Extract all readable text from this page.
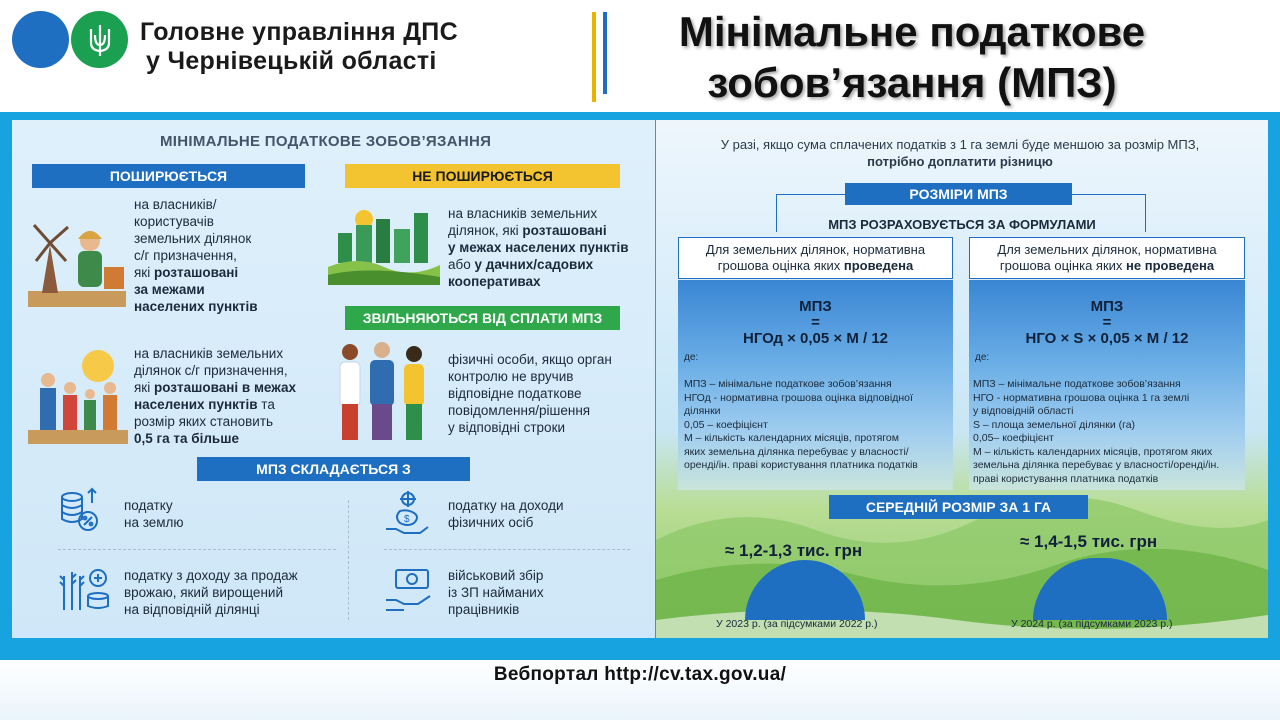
Головне управління ДПС
у Чернівецькій області
Мінімальне податкове
зобов’язання (МПЗ)
МІНІМАЛЬНЕ ПОДАТКОВЕ ЗОБОВ’ЯЗАННЯ
ПОШИРЮЄТЬСЯ	НЕ ПОШИРЮЄТЬСЯ
на власників/
користувачів
земельних ділянок
с/г призначення,
які розташовані
за межами
населених пунктів
на власників земельних
ділянок, які розташовані
у межах населених пунктів
або у дачних/садових
кооперативах
ЗВІЛЬНЯЮТЬСЯ ВІД СПЛАТИ МПЗ
на власників земельних
ділянок с/г призначення,
які розташовані в межах
населених пунктів та
розмір яких становить
0,5 га та більше
фізичні особи, якщо орган
контролю не вручив
відповідне податкове
повідомлення/рішення
у відповідні строки
МПЗ СКЛАДАЄТЬСЯ З
податку
на землю	$
податку на доходи
фізичних осіб
податку з доходу за продаж
врожаю, який вирощений
на відповідній ділянці
військовий збір
із ЗП найманих
працівників
У разі, якщо сума сплачених податків з 1 га землі буде меншою за розмір МПЗ,
потрібно доплатити різницю
РОЗМІРИ МПЗ
МПЗ РОЗРАХОВУЄТЬСЯ ЗА ФОРМУЛАМИ
Для земельних ділянок, нормативна
грошова оцінка яких проведена
МПЗ
=
НГОд × 0,05 × М / 12
де:
МПЗ – мінімальне податкове зобов’язання
НГОд - нормативна грошова оцінка відповідної
ділянки
0,05 – коефіцієнт
М – кількість календарних місяців, протягом
яких земельна ділянка перебуває у власності/
оренді/ін. праві користування платника податків
Для земельних ділянок, нормативна
грошова оцінка яких не проведена
МПЗ
=
НГО × S × 0,05 × М / 12
де:
МПЗ – мінімальне податкове зобов’язання
НГО - нормативна грошова оцінка 1 га землі
у відповідній області
S – площа земельної ділянки (га)
0,05– коефіцієнт
М – кількість календарних місяців, протягом яких
земельна ділянка перебуває у власності/оренді/ін.
праві користування платника податків
СЕРЕДНІЙ РОЗМІР ЗА 1 ГА
≈ 1,2-1,3 тис. грн
У 2023 р. (за підсумками 2022 р.)
≈ 1,4-1,5 тис. грн
У 2024 р. (за підсумками 2023 р.)
Вебпортал http://cv.tax.gov.ua/
